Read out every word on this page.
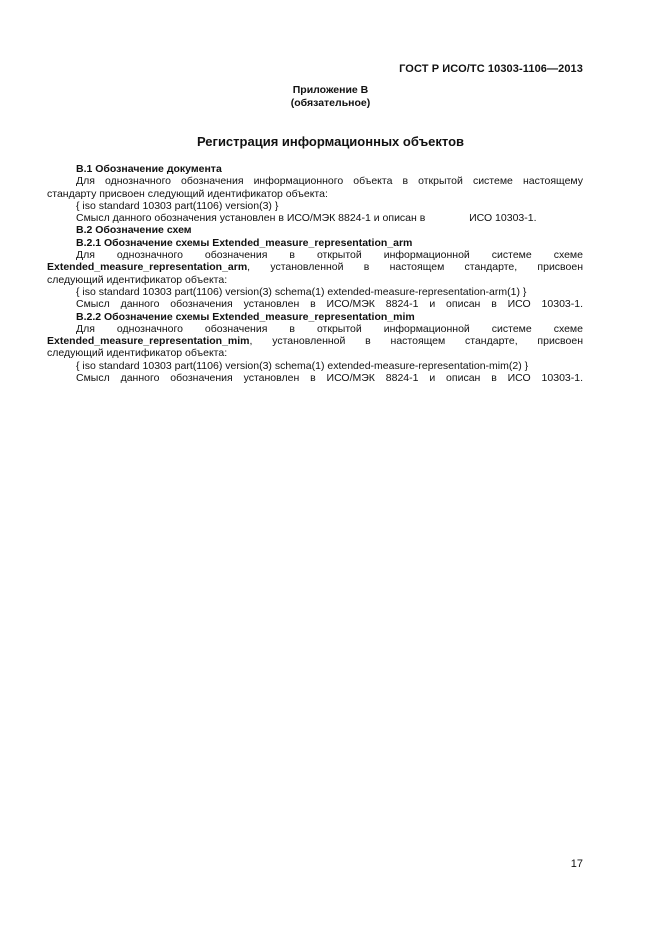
ГОСТ Р ИСО/ТС 10303-1106—2013
Приложение В
(обязательное)
Регистрация информационных объектов

В.1 Обозначение документа

Для однозначного обозначения информационного объекта в открытой системе настоящему

стандарту присвоен следующий идентификатор объекта:

{ iso standard 10303 part(1106) version(3) }

Смысл данного обозначения установлен в ИСО/МЭК 8824-1 и описан в               ИСО 10303-1.

В.2 Обозначение схем

В.2.1 Обозначение схемы Extended_measure_representation_arm

Для однозначного обозначения в открытой информационной системе схеме

Extended_measure_representation_arm, установленной в настоящем стандарте, присвоен

следующий идентификатор объекта:

{ iso standard 10303 part(1106) version(3) schema(1) extended-measure-representation-arm(1) }

Смысл данного обозначения установлен в ИСО/МЭК 8824-1 и описан в ИСО 10303-1.

В.2.2 Обозначение схемы Extended_measure_representation_mim

Для однозначного обозначения в открытой информационной системе схеме

Extended_measure_representation_mim, установленной в настоящем стандарте, присвоен

следующий идентификатор объекта:

{ iso standard 10303 part(1106) version(3) schema(1) extended-measure-representation-mim(2) }

Смысл данного обозначения установлен в ИСО/МЭК 8824-1 и описан в ИСО 10303-1.

17
